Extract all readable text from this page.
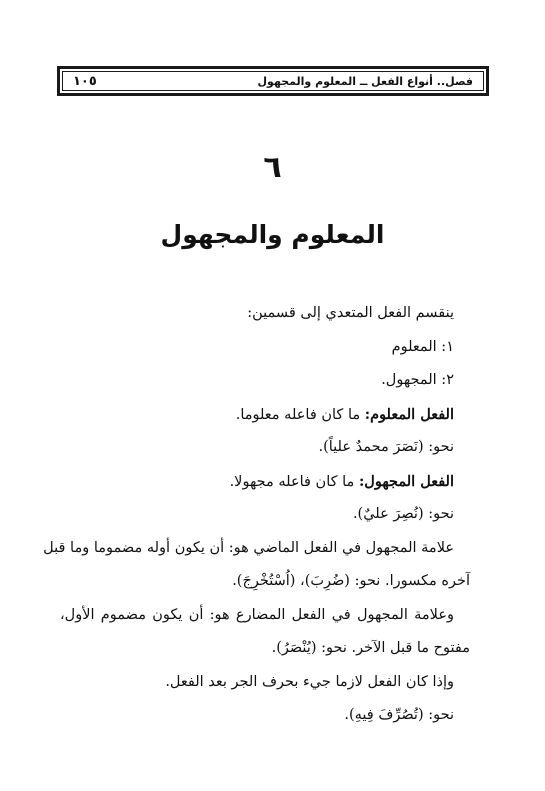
فصل.. أنواع الفعل ــ المعلوم والمجهول
١٠٥
٦
المعلوم والمجهول
ينقسم الفعل المتعدي إلى قسمين:
١: المعلوم
٢: المجهول.
الفعل المعلوم: ما كان فاعله معلوما.
نحو: (نَصَرَ محمدٌ علياً).
الفعل المجهول: ما كان فاعله مجهولا.
نحو: (نُصِرَ عليٌ).
علامة المجهول في الفعل الماضي هو: أن يكون أوله مضموما وما قبل
آخره مكسورا. نحو: (ضُرِبَ)، (اُسْتُخْرِجَ).
وعلامة المجهول في الفعل المضارع هو: أن يكون مضموم الأول،
مفتوح ما قبل الآخر. نحو: (يُنْصَرُ).
وإذا كان الفعل لازما جيء بحرف الجر بعد الفعل.
نحو: (تُصُرِّفَ فِيهِ).
